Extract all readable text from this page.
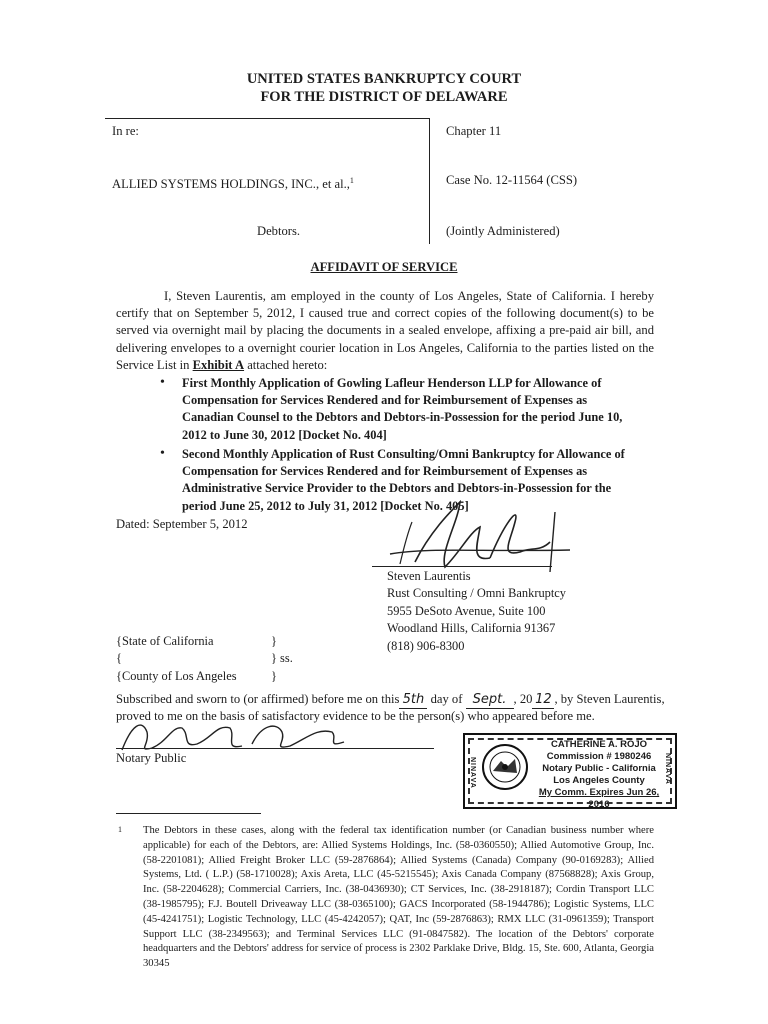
UNITED STATES BANKRUPTCY COURT
FOR THE DISTRICT OF DELAWARE
In re:
ALLIED SYSTEMS HOLDINGS, INC., et al.,$^1$
Debtors.
Chapter 11
Case No. 12-11564 (CSS)
(Jointly Administered)
AFFIDAVIT OF SERVICE
I, Steven Laurentis, am employed in the county of Los Angeles, State of California. I hereby certify that on September 5, 2012, I caused true and correct copies of the following document(s) to be served via overnight mail by placing the documents in a sealed envelope, affixing a pre-paid air bill, and delivering envelopes to a overnight courier location in Los Angeles, California to the parties listed on the Service List in Exhibit A attached hereto:
• First Monthly Application of Gowling Lafleur Henderson LLP for Allowance of Compensation for Services Rendered and for Reimbursement of Expenses as Canadian Counsel to the Debtors and Debtors-in-Possession for the period June 10, 2012 to June 30, 2012 [Docket No. 404]
• Second Monthly Application of Rust Consulting/Omni Bankruptcy for Allowance of Compensation for Services Rendered and for Reimbursement of Expenses as Administrative Service Provider to the Debtors and Debtors-in-Possession for the period June 25, 2012 to July 31, 2012 [Docket No. 405]
Dated: September 5, 2012
Steven Laurentis
Rust Consulting / Omni Bankruptcy
5955 DeSoto Avenue, Suite 100
Woodland Hills, California 91367
(818) 906-8300
{State of California
{
{County of Los Angeles
}
} ss.
}
Subscribed and sworn to (or affirmed) before me on this 5th day of Sept. , 20 12 , by Steven Laurentis,
proved to me on the basis of satisfactory evidence to be the person(s) who appeared before me.
Notary Public
CATHERINE A. ROJO
Commission # 1980246
Notary Public - California
Los Angeles County
My Comm. Expires Jun 26, 2016
NINAVA	NINAVA
$^1$ The Debtors in these cases, along with the federal tax identification number (or Canadian business number where applicable) for each of the Debtors, are: Allied Systems Holdings, Inc. (58-0360550); Allied Automotive Group, Inc. (58-2201081); Allied Freight Broker LLC (59-2876864); Allied Systems (Canada) Company (90-0169283); Allied Systems, Ltd. ( L.P.) (58-1710028); Axis Areta, LLC (45-5215545); Axis Canada Company (87568828); Axis Group, Inc. (58-2204628); Commercial Carriers, Inc. (38-0436930); CT Services, Inc. (38-2918187); Cordin Transport LLC (38-1985795); F.J. Boutell Driveaway LLC (38-0365100); GACS Incorporated (58-1944786); Logistic Systems, LLC (45-4241751); Logistic Technology, LLC (45-4242057); QAT, Inc (59-2876863); RMX LLC (31-0961359); Transport Support LLC (38-2349563); and Terminal Services LLC (91-0847582). The location of the Debtors' corporate headquarters and the Debtors' address for service of process is 2302 Parklake Drive, Bldg. 15, Ste. 600, Atlanta, Georgia 30345
